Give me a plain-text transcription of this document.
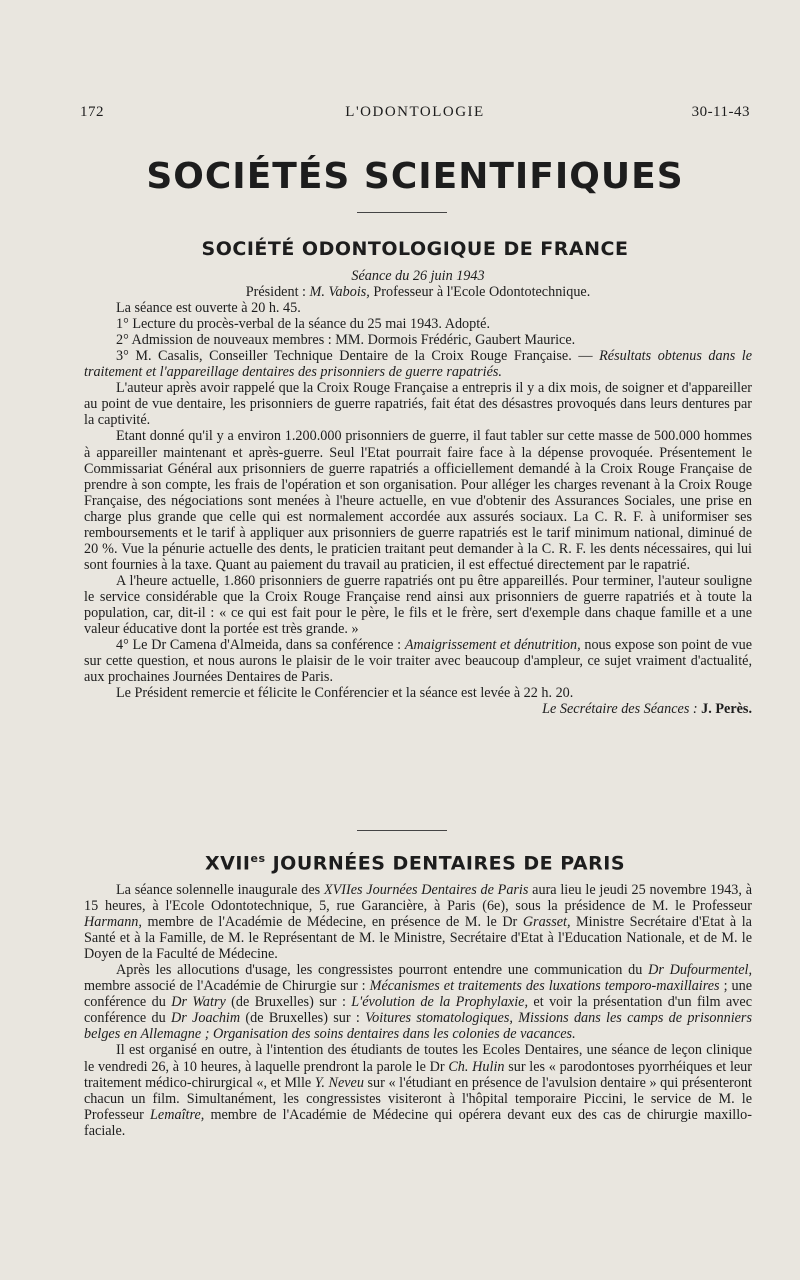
172	L'ODONTOLOGIE	30-11-43
SOCIÉTÉS SCIENTIFIQUES
SOCIÉTÉ ODONTOLOGIQUE DE FRANCE

Séance du 26 juin 1943

Président : M. Vabois, Professeur à l'Ecole Odontotechnique.

La séance est ouverte à 20 h. 45.

1° Lecture du procès-verbal de la séance du 25 mai 1943. Adopté.

2° Admission de nouveaux membres : MM. Dormois Frédéric, Gaubert Maurice.

3° M. Casalis, Conseiller Technique Dentaire de la Croix Rouge Française. — Résultats obtenus dans le traitement et l'appareillage dentaires des prisonniers de guerre rapatriés.

L'auteur après avoir rappelé que la Croix Rouge Française a entrepris il y a dix mois, de soigner et d'appareiller au point de vue dentaire, les prisonniers de guerre rapatriés, fait état des désastres provoqués dans leurs dentures par la captivité.

Etant donné qu'il y a environ 1.200.000 prisonniers de guerre, il faut tabler sur cette masse de 500.000 hommes à appareiller maintenant et après-guerre. Seul l'Etat pourrait faire face à la dépense provoquée. Présentement le Commissariat Général aux prisonniers de guerre rapatriés a officiellement demandé à la Croix Rouge Française de prendre à son compte, les frais de l'opération et son organisation. Pour alléger les charges revenant à la Croix Rouge Française, des négociations sont menées à l'heure actuelle, en vue d'obtenir des Assurances Sociales, une prise en charge plus grande que celle qui est normalement accordée aux assurés sociaux. La C. R. F. à uniformiser ses remboursements et le tarif à appliquer aux prisonniers de guerre rapatriés est le tarif minimum national, diminué de 20 %. Vue la pénurie actuelle des dents, le praticien traitant peut demander à la C. R. F. les dents nécessaires, qui lui sont fournies à la taxe. Quant au paiement du travail au praticien, il est effectué directement par le rapatrié.

A l'heure actuelle, 1.860 prisonniers de guerre rapatriés ont pu être appareillés. Pour terminer, l'auteur souligne le service considérable que la Croix Rouge Française rend ainsi aux prisonniers de guerre rapatriés et à toute la population, car, dit-il : « ce qui est fait pour le père, le fils et le frère, sert d'exemple dans chaque famille et a une valeur éducative dont la portée est très grande. »

4° Le Dr Camena d'Almeida, dans sa conférence : Amaigrissement et dénutrition, nous expose son point de vue sur cette question, et nous aurons le plaisir de le voir traiter avec beaucoup d'ampleur, ce sujet vraiment d'actualité, aux prochaines Journées Dentaires de Paris.

Le Président remercie et félicite le Conférencier et la séance est levée à 22 h. 20.

Le Secrétaire des Séances : J. Perès.

$XVII^{es}$ JOURNÉES DENTAIRES DE PARIS

La séance solennelle inaugurale des XVIIes Journées Dentaires de Paris aura lieu le jeudi 25 novembre 1943, à 15 heures, à l'Ecole Odontotechnique, 5, rue Garancière, à Paris (6e), sous la présidence de M. le Professeur Harmann, membre de l'Académie de Médecine, en présence de M. le Dr Grasset, Ministre Secrétaire d'Etat à la Santé et à la Famille, de M. le Représentant de M. le Ministre, Secrétaire d'Etat à l'Education Nationale, et de M. le Doyen de la Faculté de Médecine.

Après les allocutions d'usage, les congressistes pourront entendre une communication du Dr Dufourmentel, membre associé de l'Académie de Chirurgie sur : Mécanismes et traitements des luxations temporo-maxillaires ; une conférence du Dr Watry (de Bruxelles) sur : L'évolution de la Prophylaxie, et voir la présentation d'un film avec conférence du Dr Joachim (de Bruxelles) sur : Voitures stomatologiques, Missions dans les camps de prisonniers belges en Allemagne ; Organisation des soins dentaires dans les colonies de vacances.

Il est organisé en outre, à l'intention des étudiants de toutes les Ecoles Dentaires, une séance de leçon clinique le vendredi 26, à 10 heures, à laquelle prendront la parole le Dr Ch. Hulin sur les « parodontoses pyorrhéiques et leur traitement médico-chirurgical «, et Mlle Y. Neveu sur « l'étudiant en présence de l'avulsion dentaire » qui présenteront chacun un film. Simultanément, les congressistes visiteront à l'hôpital temporaire Piccini, le service de M. le Professeur Lemaître, membre de l'Académie de Médecine qui opérera devant eux des cas de chirurgie maxillo-faciale.
